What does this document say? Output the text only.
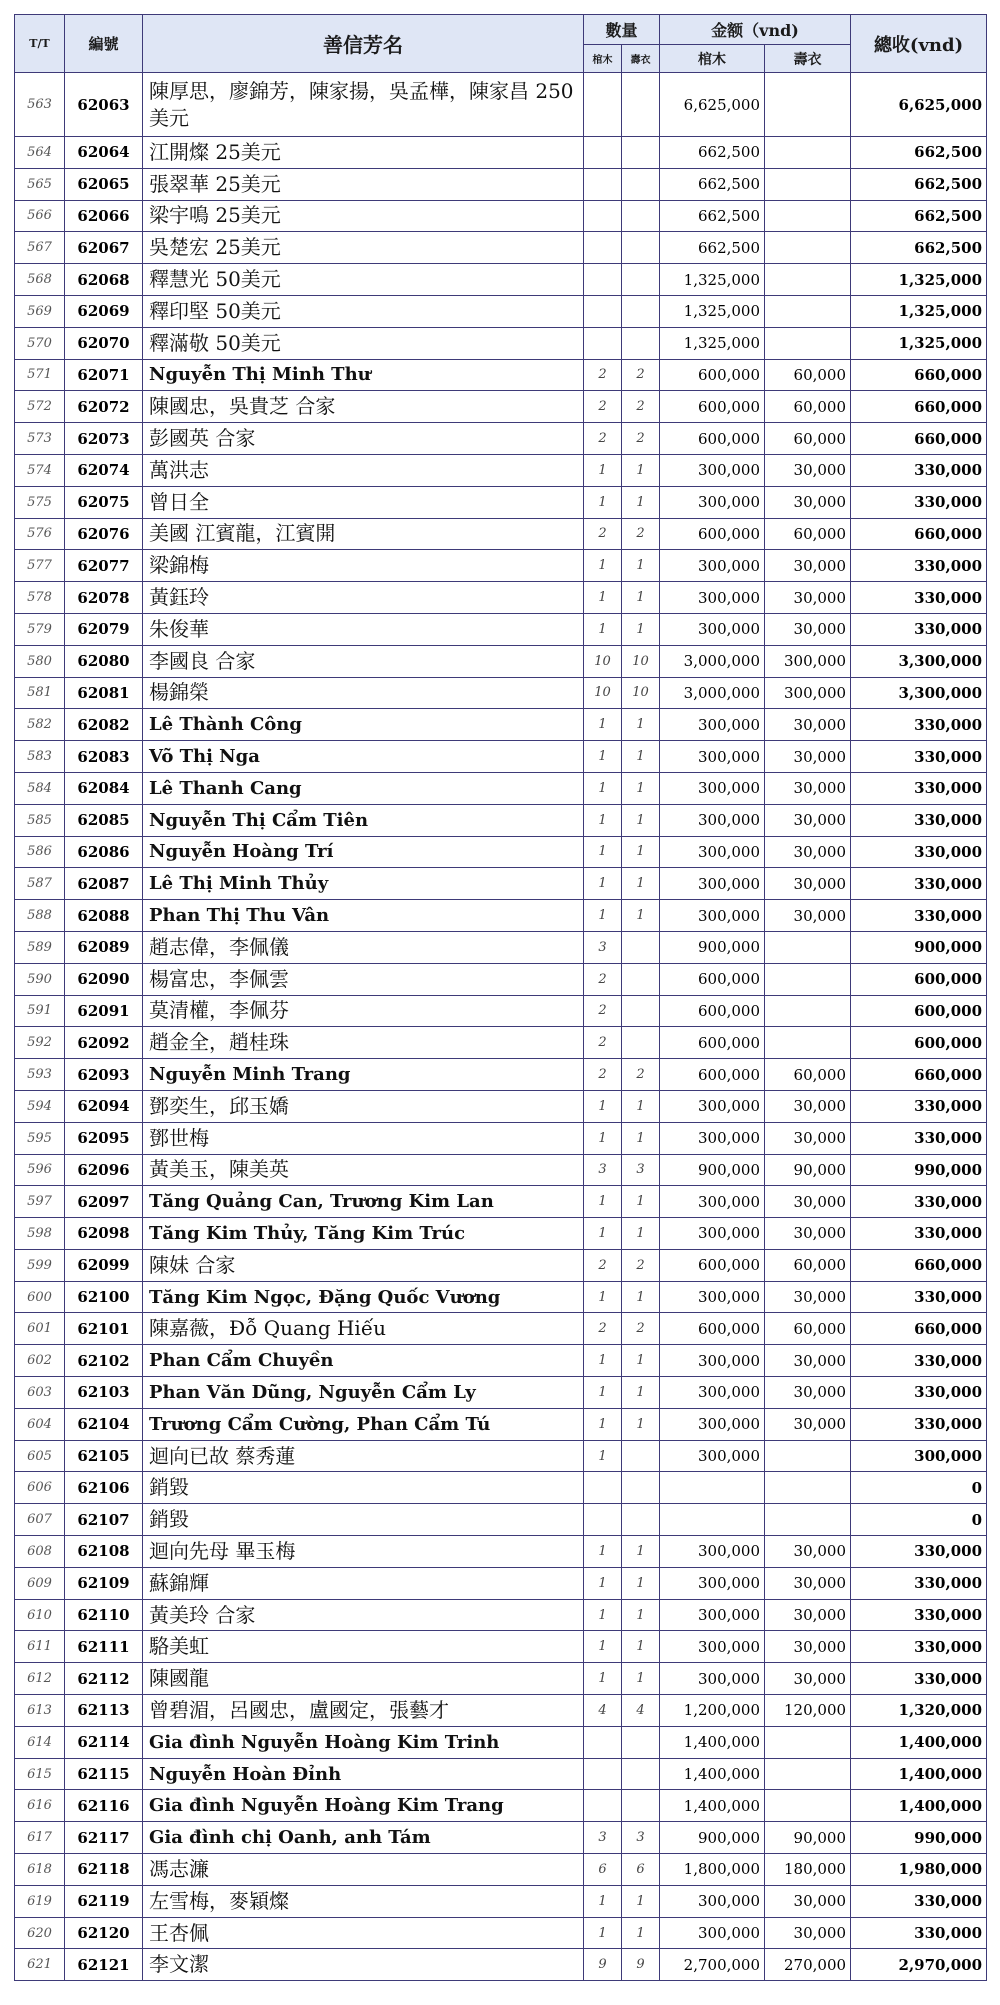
T/T	編號	善信芳名	數量		金额（vnd)		總收(vnd)
			棺木	壽衣	棺木	壽衣	
563	62063	陳厚思，廖錦芳，陳家揚，吳孟樺，陳家昌 250美元			6,625,000		6,625,000
564	62064	江開燦 25美元			662,500		662,500
565	62065	張翠華 25美元			662,500		662,500
566	62066	梁宇鳴 25美元			662,500		662,500
567	62067	吳楚宏 25美元			662,500		662,500
568	62068	釋慧光 50美元			1,325,000		1,325,000
569	62069	釋印堅 50美元			1,325,000		1,325,000
570	62070	釋滿敬 50美元			1,325,000		1,325,000
571	62071	Nguyễn Thị Minh Thư	2	2	600,000	60,000	660,000
572	62072	陳國忠，吳貴芝 合家	2	2	600,000	60,000	660,000
573	62073	彭國英 合家	2	2	600,000	60,000	660,000
574	62074	萬洪志	1	1	300,000	30,000	330,000
575	62075	曾日全	1	1	300,000	30,000	330,000
576	62076	美國 江賓龍，江賓開	2	2	600,000	60,000	660,000
577	62077	梁錦梅	1	1	300,000	30,000	330,000
578	62078	黃鈺玲	1	1	300,000	30,000	330,000
579	62079	朱俊華	1	1	300,000	30,000	330,000
580	62080	李國良 合家	10	10	3,000,000	300,000	3,300,000
581	62081	楊錦榮	10	10	3,000,000	300,000	3,300,000
582	62082	Lê Thành Công	1	1	300,000	30,000	330,000
583	62083	Võ Thị Nga	1	1	300,000	30,000	330,000
584	62084	Lê Thanh Cang	1	1	300,000	30,000	330,000
585	62085	Nguyễn Thị Cẩm Tiên	1	1	300,000	30,000	330,000
586	62086	Nguyễn Hoàng Trí	1	1	300,000	30,000	330,000
587	62087	Lê Thị Minh Thủy	1	1	300,000	30,000	330,000
588	62088	Phan Thị Thu Vân	1	1	300,000	30,000	330,000
589	62089	趙志偉，李佩儀	3		900,000		900,000
590	62090	楊富忠，李佩雲	2		600,000		600,000
591	62091	莫清權，李佩芬	2		600,000		600,000
592	62092	趙金全，趙桂珠	2		600,000		600,000
593	62093	Nguyễn Minh Trang	2	2	600,000	60,000	660,000
594	62094	鄧奕生，邱玉嬌	1	1	300,000	30,000	330,000
595	62095	鄧世梅	1	1	300,000	30,000	330,000
596	62096	黃美玉，陳美英	3	3	900,000	90,000	990,000
597	62097	Tăng Quảng Can, Trương Kim Lan	1	1	300,000	30,000	330,000
598	62098	Tăng Kim Thủy, Tăng Kim Trúc	1	1	300,000	30,000	330,000
599	62099	陳妹 合家	2	2	600,000	60,000	660,000
600	62100	Tăng Kim Ngọc, Đặng Quốc Vương	1	1	300,000	30,000	330,000
601	62101	陳嘉薇，Đỗ Quang Hiếu	2	2	600,000	60,000	660,000
602	62102	Phan Cẩm Chuyền	1	1	300,000	30,000	330,000
603	62103	Phan Văn Dũng, Nguyễn Cẩm Ly	1	1	300,000	30,000	330,000
604	62104	Trương Cẩm Cường, Phan Cẩm Tú	1	1	300,000	30,000	330,000
605	62105	迴向已故 蔡秀蓮	1		300,000		300,000
606	62106	銷毀					0
607	62107	銷毀					0
608	62108	迴向先母 畢玉梅	1	1	300,000	30,000	330,000
609	62109	蘇錦輝	1	1	300,000	30,000	330,000
610	62110	黃美玲 合家	1	1	300,000	30,000	330,000
611	62111	駱美虹	1	1	300,000	30,000	330,000
612	62112	陳國龍	1	1	300,000	30,000	330,000
613	62113	曾碧湄，呂國忠，盧國定，張藝才	4	4	1,200,000	120,000	1,320,000
614	62114	Gia đình Nguyễn Hoàng Kim Trinh			1,400,000		1,400,000
615	62115	Nguyễn Hoàn Đỉnh			1,400,000		1,400,000
616	62116	Gia đình Nguyễn Hoàng Kim Trang			1,400,000		1,400,000
617	62117	Gia đình chị Oanh, anh Tám	3	3	900,000	90,000	990,000
618	62118	馮志濂	6	6	1,800,000	180,000	1,980,000
619	62119	左雪梅，麥穎燦	1	1	300,000	30,000	330,000
620	62120	王杏佩	1	1	300,000	30,000	330,000
621	62121	李文潔	9	9	2,700,000	270,000	2,970,000
